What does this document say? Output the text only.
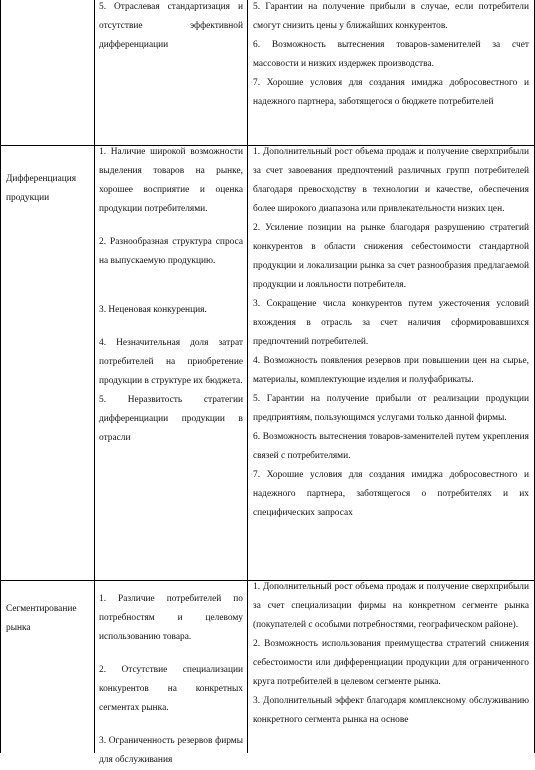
5. Отраслевая стандартизация и отсутствие эффективной дифференциации

5. Гарантии на получение прибыли в случае, если потребители смогут снизить цены у ближайших конкурентов.

6. Возможность вытеснения товаров-заменителей за счет массовости и низких издержек производства.

7. Хорошие условия для создания имиджа добросовестного и надежного партнера, заботящегося о бюджете потребителей

Дифференциация продукции

1. Наличие широкой возможности выделения товаров на рынке, хорошее восприятие и оценка продукции потребителями.

2. Разнообразная структура спроса на выпускаемую продукцию.

3. Неценовая конкуренция.

4. Незначительная доля затрат потребителей на приобретение продукции в структуре их бюджета.

5. Неразвитость стратегии дифференциации продукции в отрасли

1. Дополнительный рост объема продаж и получение сверхприбыли за счет завоевания предпочтений различных групп потребителей благодаря превосходству в технологии и качестве, обеспечения более широкого диапазона или привлекательности низких цен.

2. Усиление позиции на рынке благодаря разрушению стратегий конкурентов в области снижения себестоимости стандартной продукции и локализации рынка за счет разнообразия предлагаемой продукции и лояльности потребителя.

3. Сокращение числа конкурентов путем ужесточения условий вхождения в отрасль за счет наличия сформировавшихся предпочтений потребителей.

4. Возможность появления резервов при повышении цен на сырье, материалы, комплектующие изделия и полуфабрикаты.

5. Гарантии на получение прибыли от реализации продукции предприятиям, пользующимся услугами только данной фирмы.

6. Возможность вытеснения товаров-заменителей путем укрепления связей с потребителями.

7. Хорошие условия для создания имиджа добросовестного и надежного партнера, заботящегося о потребителях и их специфических запросах

Сегментирование рынка

1. Различие потребителей по потребностям и целевому использованию товара.

2. Отсутствие специализации конкурентов на конкретных сегментах рынка.

3. Ограниченность резервов фирмы для обслуживания

1. Дополнительный рост объема продаж и получение сверхприбыли за счет специализации фирмы на конкретном сегменте рынка (покупателей с особыми потребностями, географическом районе).

2. Возможность использования преимущества стратегий снижения себестоимости или дифференциации продукции для ограниченного круга потребителей в целевом сегменте рынка.

3. Дополнительный эффект благодаря комплексному обслуживанию конкретного сегмента рынка на основе
